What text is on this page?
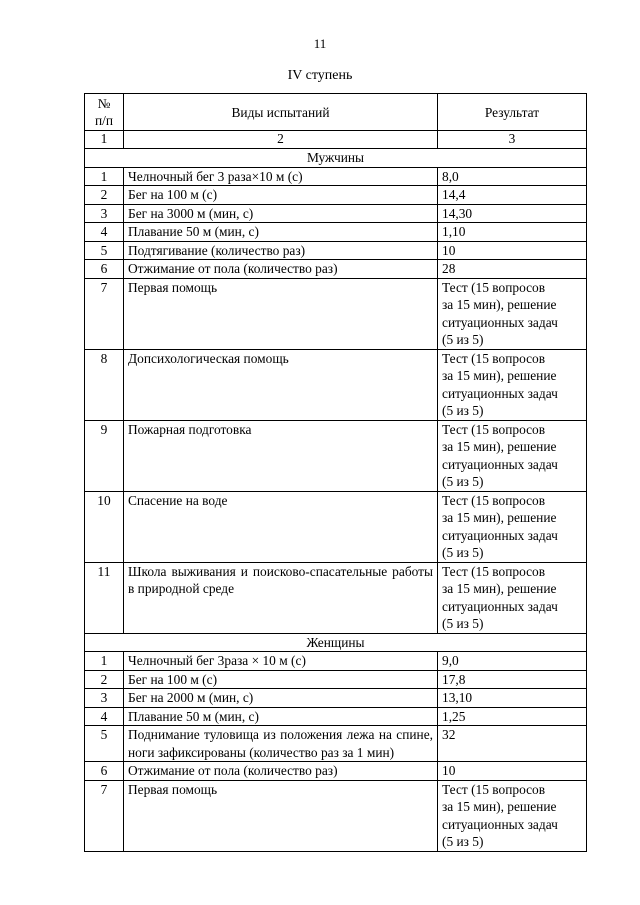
11
IV ступень
№
п/п	Виды испытаний	Результат
1	2	3
Мужчины		
1	Челночный бег 3 раза×10 м (с)	8,0
2	Бег на 100 м (с)	14,4
3	Бег на 3000 м (мин, с)	14,30
4	Плавание 50 м (мин, с)	1,10
5	Подтягивание (количество раз)	10
6	Отжимание от пола (количество раз)	28
7	Первая помощь	Тест (15 вопросов
за 15 мин), решение
ситуационных задач
(5 из 5)
8	Допсихологическая помощь	Тест (15 вопросов
за 15 мин), решение
ситуационных задач
(5 из 5)
9	Пожарная подготовка	Тест (15 вопросов
за 15 мин), решение
ситуационных задач
(5 из 5)
10	Спасение на воде	Тест (15 вопросов
за 15 мин), решение
ситуационных задач
(5 из 5)
11	Школа выживания и поисково-спасательные работы в природной среде	Тест (15 вопросов
за 15 мин), решение
ситуационных задач
(5 из 5)
Женщины		
1	Челночный бег 3раза × 10 м (с)	9,0
2	Бег на 100 м (с)	17,8
3	Бег на 2000 м (мин, с)	13,10
4	Плавание 50 м (мин, с)	1,25
5	Поднимание туловища из положения лежа на спине, ноги зафиксированы (количество раз за 1 мин)	32
6	Отжимание от пола (количество раз)	10
7	Первая помощь	Тест (15 вопросов
за 15 мин), решение
ситуационных задач
(5 из 5)
